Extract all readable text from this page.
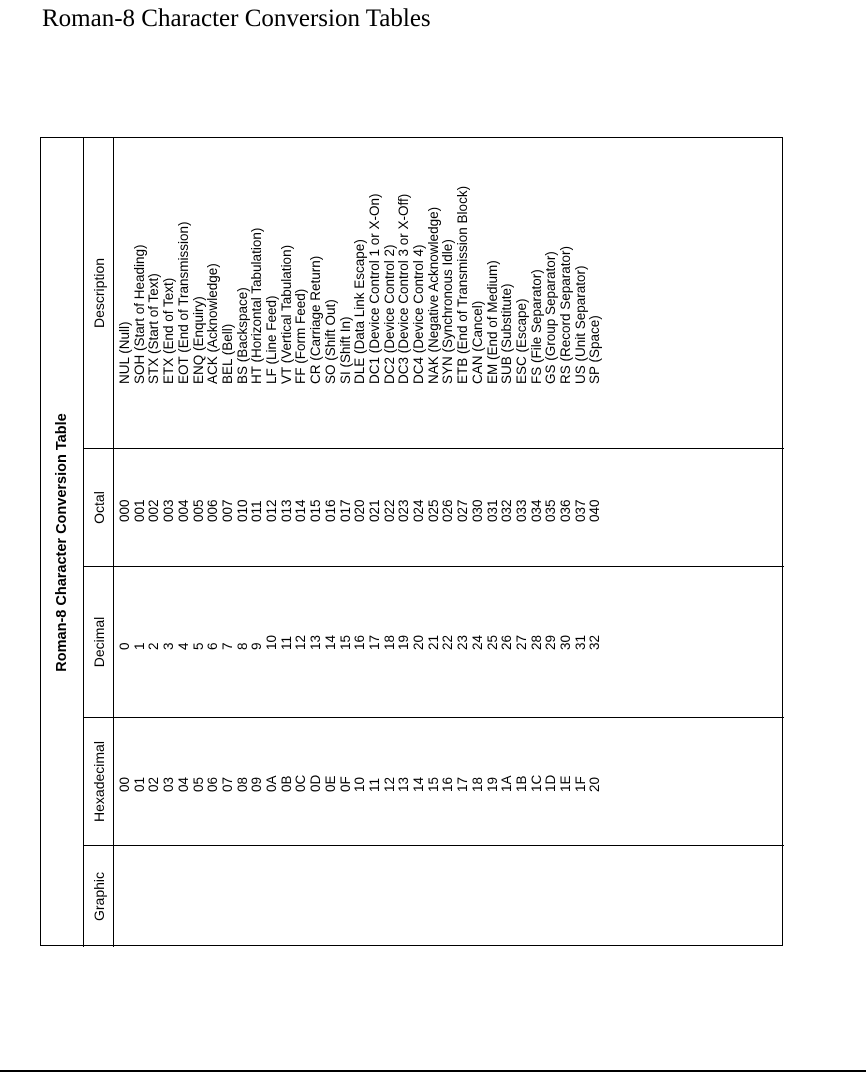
Roman-8 Character Conversion Tables
Roman-8 Character Conversion Table
Graphic
Hexadecimal
Decimal
Octal
Description
00
0
000
NUL (Null)
01
1
001
SOH (Start of Heading)
02
2
002
STX (Start of Text)
03
3
003
ETX (End of Text)
04
4
004
EOT (End of Transmission)
05
5
005
ENQ (Enquiry)
06
6
006
ACK (Acknowledge)
07
7
007
BEL (Bell)
08
8
010
BS (Backspace)
09
9
011
HT (Horizontal Tabulation)
0A
10
012
LF (Line Feed)
0B
11
013
VT (Vertical Tabulation)
0C
12
014
FF (Form Feed)
0D
13
015
CR (Carriage Return)
0E
14
016
SO (Shift Out)
0F
15
017
SI (Shift In)
10
16
020
DLE (Data Link Escape)
11
17
021
DC1 (Device Control 1 or X-On)
12
18
022
DC2 (Device Control 2)
13
19
023
DC3 (Device Control 3 or X-Off)
14
20
024
DC4 (Device Control 4)
15
21
025
NAK (Negative Acknowledge)
16
22
026
SYN (Synchronous Idle)
17
23
027
ETB (End of Transmission Block)
18
24
030
CAN (Cancel)
19
25
031
EM (End of Medium)
1A
26
032
SUB (Substitute)
1B
27
033
ESC (Escape)
1C
28
034
FS (File Separator)
1D
29
035
GS (Group Separator)
1E
30
036
RS (Record Separator)
1F
31
037
US (Unit Separator)
20
32
040
SP (Space)
